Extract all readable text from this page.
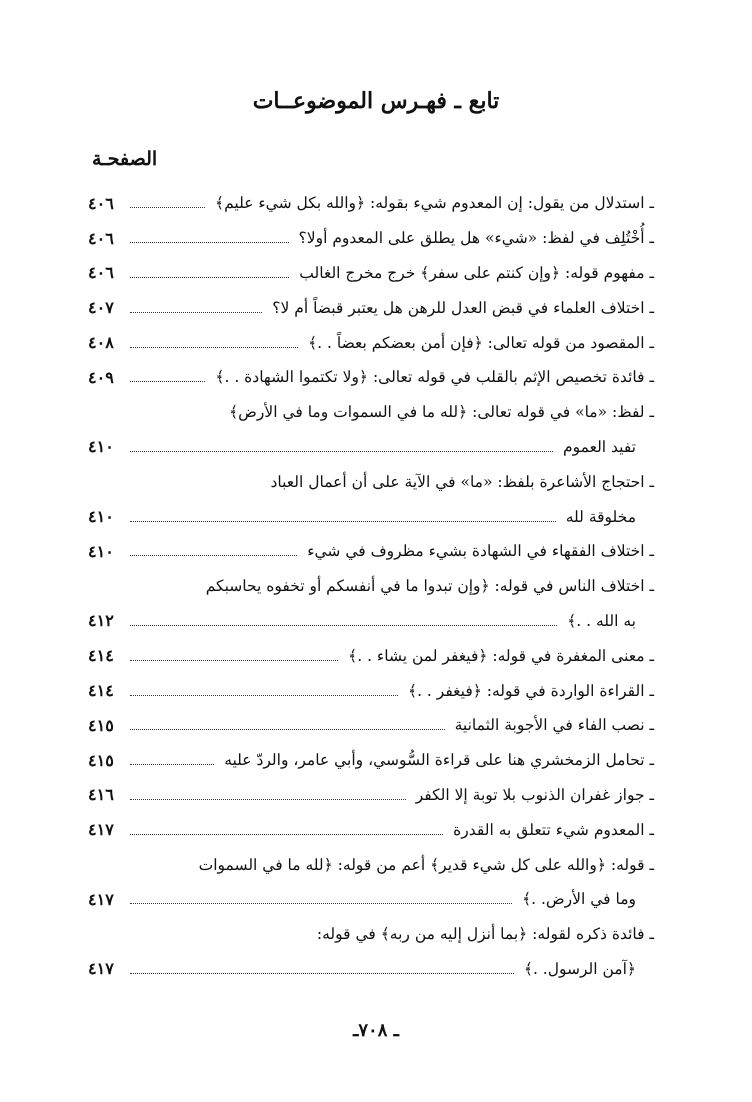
تابع ـ فهـرس الموضوعــات
الصفحـة
ـ استدلال من يقول: إن المعدوم شيء بقوله: ﴿والله بكل شيء عليم﴾
٤٠٦
ـ أُخْتُلِف في لفظ: «شيء» هل يطلق على المعدوم أولا؟
٤٠٦
ـ مفهوم قوله: ﴿وإن كنتم على سفر﴾ خرج مخرج الغالب
٤٠٦
ـ اختلاف العلماء في قبض العدل للرهن هل يعتبر قبضاً أم لا؟
٤٠٧
ـ المقصود من قوله تعالى: ﴿فإن أمن بعضكم بعضاً . .﴾
٤٠٨
ـ فائدة تخصيص الإثم بالقلب في قوله تعالى: ﴿ولا تكتموا الشهادة . .﴾
٤٠٩
ـ لفظ: «ما» في قوله تعالى: ﴿لله ما في السموات وما في الأرض﴾
تفيد العموم
٤١٠
ـ احتجاج الأشاعرة بلفظ: «ما» في الآية على أن أعمال العباد
مخلوقة لله
٤١٠
ـ اختلاف الفقهاء في الشهادة بشيء مظروف في شيء
٤١٠
ـ اختلاف الناس في قوله: ﴿وإن تبدوا ما في أنفسكم أو تخفوه يحاسبكم
به الله . .﴾
٤١٢
ـ معنى المغفرة في قوله: ﴿فيغفر لمن يشاء . .﴾
٤١٤
ـ القراءة الواردة في قوله: ﴿فيغفر . .﴾
٤١٤
ـ نصب الفاء في الأجوبة الثمانية
٤١٥
ـ تحامل الزمخشري هنا على قراءة السُّوسي، وأبي عامر، والردّ عليه
٤١٥
ـ جواز غفران الذنوب بلا توبة إلا الكفر
٤١٦
ـ المعدوم شيء تتعلق به القدرة
٤١٧
ـ قوله: ﴿والله على كل شيء قدير﴾ أعم من قوله: ﴿لله ما في السموات
وما في الأرض. .﴾
٤١٧
ـ فائدة ذكره لقوله: ﴿بما أنزل إليه من ربه﴾ في قوله:
﴿آمن الرسول. .﴾
٤١٧
ـ ٧٠٨ـ
